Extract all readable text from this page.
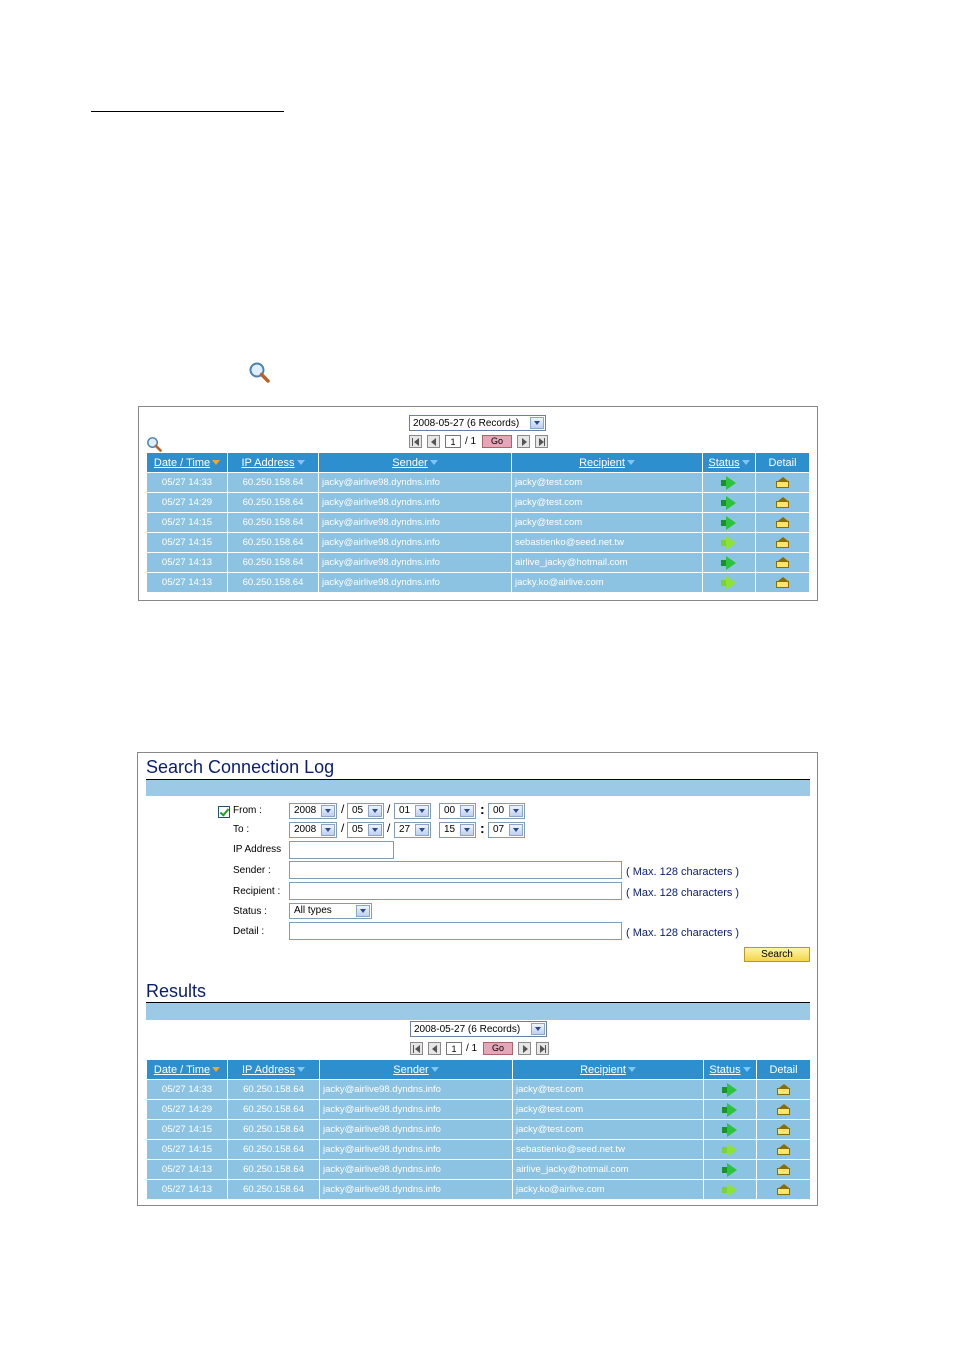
2008-05-27 (6 Records)
1 / 1	Go
Date / Time	IP Address	Sender	Recipient	Status	Detail
05/27 14:33	60.250.158.64	jacky@airlive98.dyndns.info	jacky@test.com	

05/27 14:29	60.250.158.64	jacky@airlive98.dyndns.info	jacky@test.com	

05/27 14:15	60.250.158.64	jacky@airlive98.dyndns.info	jacky@test.com	

05/27 14:15	60.250.158.64	jacky@airlive98.dyndns.info	sebastienko@seed.net.tw	

05/27 14:13	60.250.158.64	jacky@airlive98.dyndns.info	airlive_jacky@hotmail.com	

05/27 14:13	60.250.158.64	jacky@airlive98.dyndns.info	jacky.ko@airlive.com	

Search Connection Log
From :	2008	/ 05	/ 01	00	: 00
To :	2008	/ 05	/ 27	15	: 07
IP Address
Sender :	( Max. 128 characters )
Recipient :	( Max. 128 characters )
Status :	All types
Detail :	( Max. 128 characters )
Search
Results
2008-05-27 (6 Records)
1 / 1	Go
Date / Time	IP Address	Sender	Recipient	Status	Detail
05/27 14:33	60.250.158.64	jacky@airlive98.dyndns.info	jacky@test.com	

05/27 14:29	60.250.158.64	jacky@airlive98.dyndns.info	jacky@test.com	

05/27 14:15	60.250.158.64	jacky@airlive98.dyndns.info	jacky@test.com	

05/27 14:15	60.250.158.64	jacky@airlive98.dyndns.info	sebastienko@seed.net.tw	

05/27 14:13	60.250.158.64	jacky@airlive98.dyndns.info	airlive_jacky@hotmail.com	

05/27 14:13	60.250.158.64	jacky@airlive98.dyndns.info	jacky.ko@airlive.com	
